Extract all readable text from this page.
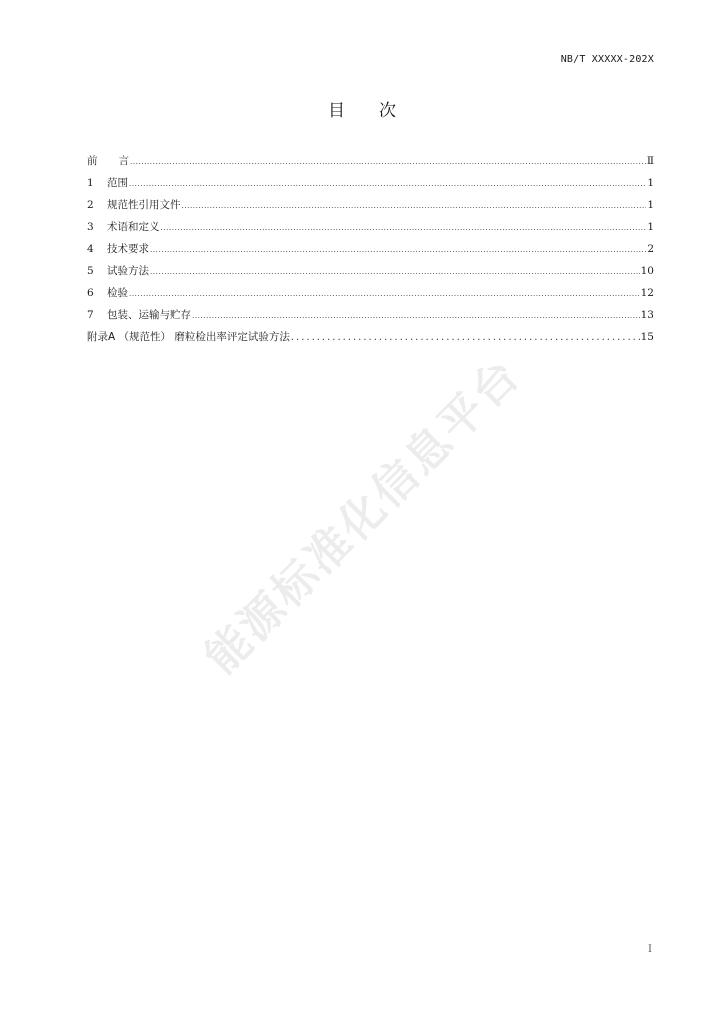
NB/T XXXXX-202X
目 次
前  言 .....	Ⅱ
1	范围 .....	1
2	规范性引用文件 .....	1
3	术语和定义 .....	1
4	技术要求 .....	2
5	试验方法 .....	10
6	检验 .....	12
7	包装、运输与贮存 .....	13
附录A （规范性） 磨粒检出率评定试验方法 .....	15
能源标准化信息平台
I
